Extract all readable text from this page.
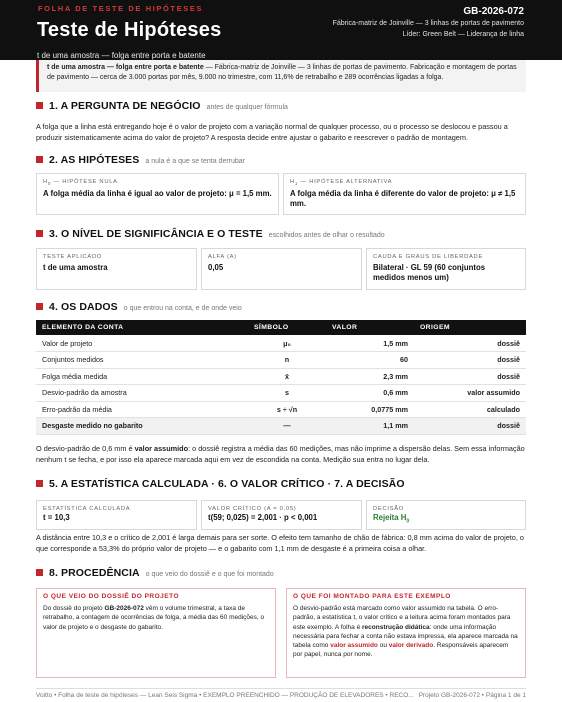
FOLHA DE TESTE DE HIPÓTESES
Teste de Hipóteses
t de uma amostra — folga entre porta e batente
GB-2026-072
Fábrica-matriz de Joinville — 3 linhas de portas de pavimento
Líder: Green Belt — Liderança de linha
t de uma amostra — folga entre porta e batente — Fábrica-matriz de Joinville — 3 linhas de portas de pavimento. Fabricação e montagem de portas de pavimento — cerca de 3.000 portas por mês, 9.000 no trimestre, com 11,6% de retrabalho e 289 ocorrências ligadas a folga.
1. A PERGUNTA DE NEGÓCIO antes de qualquer fórmula

A folga que a linha está entregando hoje é o valor de projeto com a variação normal de qualquer processo, ou o processo se deslocou e passou a produzir sistematicamente acima do valor de projeto? A resposta decide entre ajustar o gabarito e reescrever o padrão de montagem.

2. AS HIPÓTESES a nula é a que se tenta derrubar
$H_0$ — HIPÓTESE NULA
A folga média da linha é igual ao valor de projeto: μ = 1,5 mm.
$H_1$ — HIPÓTESE ALTERNATIVA
A folga média da linha é diferente do valor de projeto: μ ≠ 1,5 mm.
3. O NÍVEL DE SIGNIFICÂNCIA E O TESTE escolhidos antes de olhar o resultado
TESTE APLICADO
t de uma amostra
ALFA (Α)
0,05
CAUDA E GRAUS DE LIBERDADE
Bilateral · GL 59 (60 conjuntos medidos menos um)
4. OS DADOS o que entrou na conta, e de onde veio
ELEMENTO DA CONTA	SÍMBOLO	VALOR	ORIGEM
Valor de projeto	μ₀	1,5 mm	dossiê
Conjuntos medidos	n	60	dossiê
Folga média medida	x̄	2,3 mm	dossiê
Desvio-padrão da amostra	s	0,6 mm	valor assumido
Erro-padrão da média	s ÷ √n	0,0775 mm	calculado
Desgaste medido no gabarito	—	1,1 mm	dossiê

O desvio-padrão de 0,6 mm é valor assumido: o dossiê registra a média das 60 medições, mas não imprime a dispersão delas. Sem essa informação nenhum t se fecha, e por isso ela aparece marcada aqui em vez de escondida na conta. Medição sua entra no lugar dela.

5. A ESTATÍSTICA CALCULADA · 6. O VALOR CRÍTICO · 7. A DECISÃO
ESTATÍSTICA CALCULADA
t = 10,3
VALOR CRÍTICO (Α = 0,05)
t(59; 0,025) = 2,001 · p < 0,001
DECISÃO
Rejeita $H_0$

A distância entre 10,3 e o crítico de 2,001 é larga demais para ser sorte. O efeito tem tamanho de chão de fábrica: 0,8 mm acima do valor de projeto, o que corresponde a 53,3% do próprio valor de projeto — e o gabarito com 1,1 mm de desgaste é a primeira coisa a olhar.

8. PROCEDÊNCIA o que veio do dossiê e o que foi montado
O QUE VEIO DO DOSSIÊ DO PROJETO

Do dossiê do projeto GB-2026-072 vêm o volume trimestral, a taxa de retrabalho, a contagem de ocorrências de folga, a média das 60 medições, o valor de projeto e o desgaste do gabarito.

O QUE FOI MONTADO PARA ESTE EXEMPLO

O desvio-padrão está marcado como valor assumido na tabela. O erro-padrão, a estatística t, o valor crítico e a leitura acima foram montados para este exemplo. A folha é reconstrução didática: onde uma informação necessária para fechar a conta não estava impressa, ela aparece marcada na tabela como valor assumido ou valor derivado. Responsáveis aparecem por papel, nunca por nome.

Voitto • Folha de teste de hipóteses — Lean Seis Sigma • EXEMPLO PREENCHIDO — PRODUÇÃO DE ELEVADORES • RECO... Projeto GB-2026-072 • Página 1 de 1
